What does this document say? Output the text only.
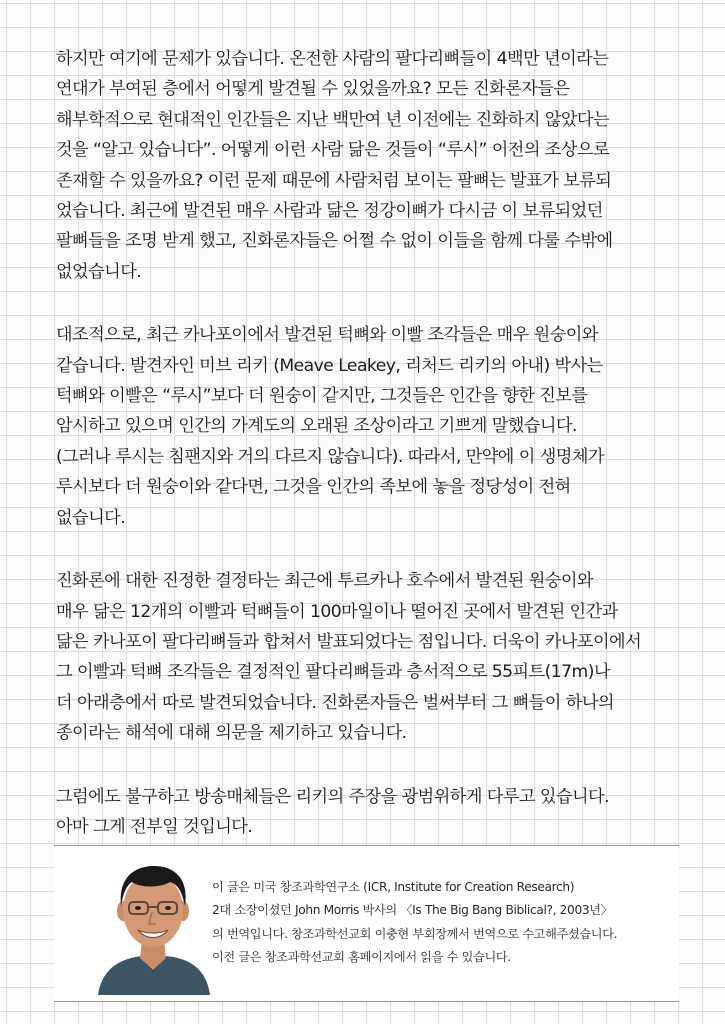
하지만 여기에 문제가 있습니다. 온전한 사람의 팔다리뼈들이 4백만 년이라는
연대가 부여된 층에서 어떻게 발견될 수 있었을까요? 모든 진화론자들은
해부학적으로 현대적인 인간들은 지난 백만여 년 이전에는 진화하지 않았다는
것을 “알고 있습니다”. 어떻게 이런 사람 닮은 것들이 “루시” 이전의 조상으로
존재할 수 있을까요? 이런 문제 때문에 사람처럼 보이는 팔뼈는 발표가 보류되
었습니다. 최근에 발견된 매우 사람과 닮은 정강이뼈가 다시금 이 보류되었던
팔뼈들을 조명 받게 했고, 진화론자들은 어쩔 수 없이 이들을 함께 다룰 수밖에
없었습니다.

대조적으로, 최근 카나포이에서 발견된 턱뼈와 이빨 조각들은 매우 원숭이와
같습니다. 발견자인 미브 리키 (Meave Leakey, 리처드 리키의 아내) 박사는
턱뼈와 이빨은 “루시”보다 더 원숭이 같지만, 그것들은 인간을 향한 진보를
암시하고 있으며 인간의 가계도의 오래된 조상이라고 기쁘게 말했습니다.
(그러나 루시는 침팬지와 거의 다르지 않습니다). 따라서, 만약에 이 생명체가
루시보다 더 원숭이와 같다면, 그것을 인간의 족보에 놓을 정당성이 전혀
없습니다.

진화론에 대한 진정한 결정타는 최근에 투르카나 호수에서 발견된 원숭이와
매우 닮은 12개의 이빨과 턱뼈들이 100마일이나 떨어진 곳에서 발견된 인간과
닮은 카나포이 팔다리뼈들과 합쳐서 발표되었다는 점입니다. 더욱이 카나포이에서
그 이빨과 턱뼈 조각들은 결정적인 팔다리뼈들과 층서적으로 55피트(17m)나
더 아래층에서 따로 발견되었습니다. 진화론자들은 벌써부터 그 뼈들이 하나의
종이라는 해석에 대해 의문을 제기하고 있습니다.

그럼에도 불구하고 방송매체들은 리키의 주장을 광범위하게 다루고 있습니다.
아마 그게 전부일 것입니다.

이 글은 미국 창조과학연구소 (ICR, Institute for Creation Research)
2대 소장이셨던 John Morris 박사의 〈Is The Big Bang Biblical?, 2003년〉
의 번역입니다. 창조과학선교회 이충현 부회장께서 번역으로 수고해주셨습니다.
이전 글은 창조과학선교회 홈페이지에서 읽을 수 있습니다.
